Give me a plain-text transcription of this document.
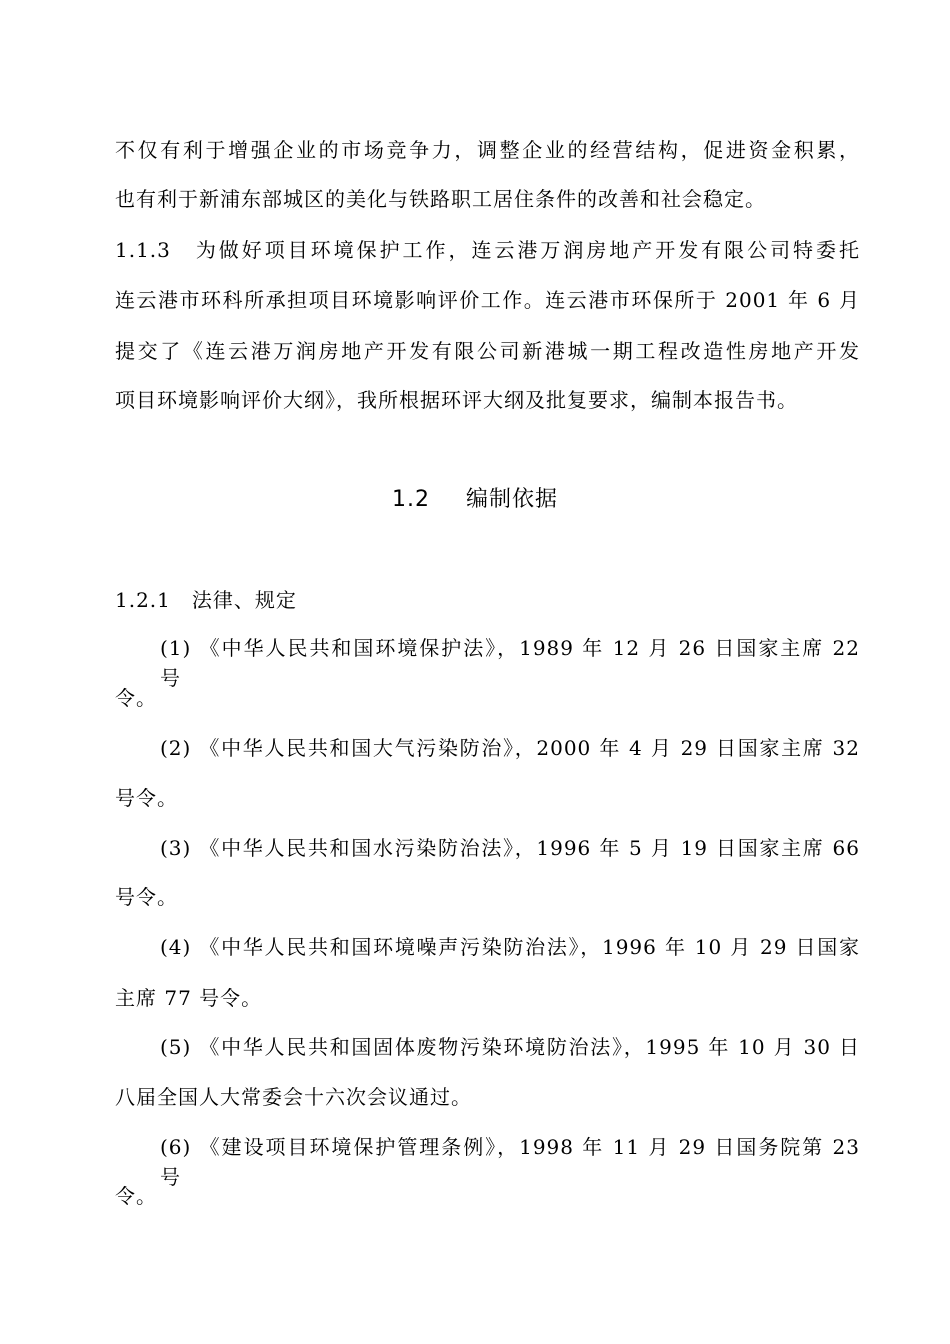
不仅有利于增强企业的市场竞争力，调整企业的经营结构，促进资金积累，
也有利于新浦东部城区的美化与铁路职工居住条件的改善和社会稳定。
1.1.3　为做好项目环境保护工作，连云港万润房地产开发有限公司特委托
连云港市环科所承担项目环境影响评价工作。连云港市环保所于 2001 年 6 月
提交了《连云港万润房地产开发有限公司新港城一期工程改造性房地产开发
项目环境影响评价大纲》，我所根据环评大纲及批复要求，编制本报告书。
1.2 编制依据
1.2.1　法律、规定
(1) 《中华人民共和国环境保护法》，1989 年 12 月 26 日国家主席 22 号
令。
(2) 《中华人民共和国大气污染防治》，2000 年 4 月 29 日国家主席 32
号令。
(3) 《中华人民共和国水污染防治法》，1996 年 5 月 19 日国家主席 66
号令。
(4) 《中华人民共和国环境噪声污染防治法》，1996 年 10 月 29 日国家
主席 77 号令。
(5) 《中华人民共和国固体废物污染环境防治法》，1995 年 10 月 30 日
八届全国人大常委会十六次会议通过。
(6) 《建设项目环境保护管理条例》，1998 年 11 月 29 日国务院第 23 号
令。
